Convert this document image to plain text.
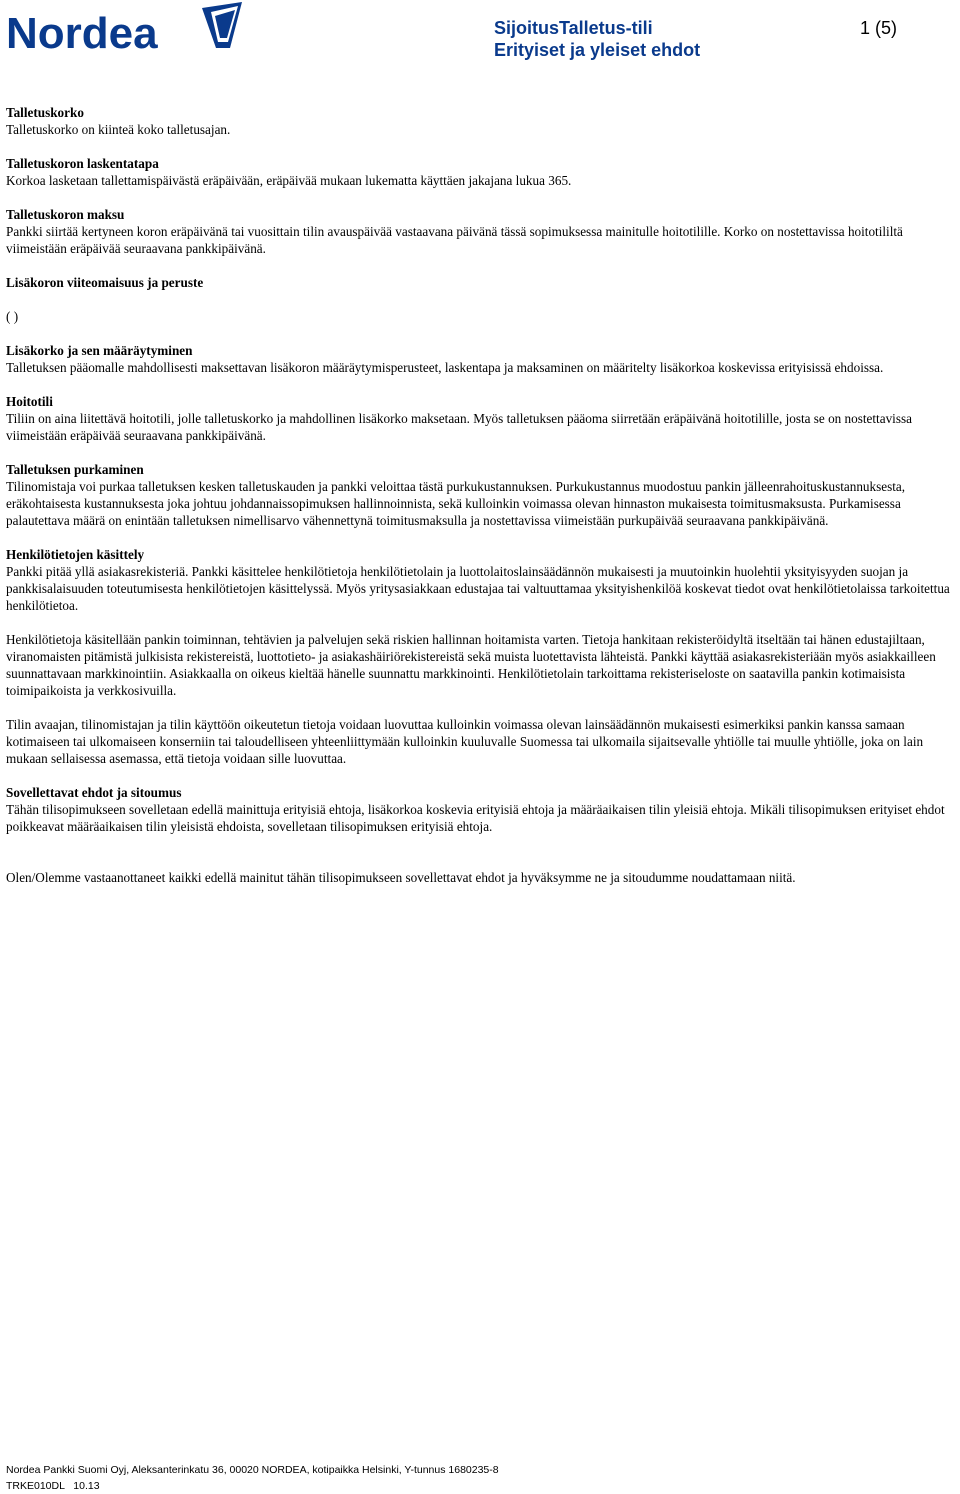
Nordea	SijoitusTalletus-tili
Erityiset ja yleiset ehdot
1 (5)
Talletuskorko

Talletuskorko on kiinteä koko talletusajan.

Talletuskoron laskentatapa

Korkoa lasketaan tallettamispäivästä eräpäivään, eräpäivää mukaan lukematta käyttäen jakajana lukua 365.

Talletuskoron maksu

Pankki siirtää kertyneen koron eräpäivänä tai vuosittain tilin avauspäivää vastaavana päivänä tässä sopimuksessa mainitulle hoitotilille. Korko on nostettavissa hoitotililtä viimeistään eräpäivää seuraavana pankkipäivänä.

Lisäkoron viiteomaisuus ja peruste

( )

Lisäkorko ja sen määräytyminen

Talletuksen pääomalle mahdollisesti maksettavan lisäkoron määräytymisperusteet, laskentapa ja maksaminen on määritelty lisäkorkoa koskevissa erityisissä ehdoissa.

Hoitotili

Tiliin on aina liitettävä hoitotili, jolle talletuskorko ja mahdollinen lisäkorko maksetaan. Myös talletuksen pääoma siirretään eräpäivänä hoitotilille, josta se on nostettavissa viimeistään eräpäivää seuraavana pankkipäivänä.

Talletuksen purkaminen

Tilinomistaja voi purkaa talletuksen kesken talletuskauden ja pankki veloittaa tästä purkukustannuksen. Purkukustannus muodostuu pankin jälleenrahoituskustannuksesta, eräkohtaisesta kustannuksesta joka johtuu johdannaissopimuksen hallinnoinnista, sekä kulloinkin voimassa olevan hinnaston mukaisesta toimitusmaksusta. Purkamisessa palautettava määrä on enintään talletuksen nimellisarvo vähennettynä toimitusmaksulla ja nostettavissa viimeistään purkupäivää seuraavana pankkipäivänä.

Henkilötietojen käsittely

Pankki pitää yllä asiakasrekisteriä. Pankki käsittelee henkilötietoja henkilötietolain ja luottolaitoslainsäädännön mukaisesti ja muutoinkin huolehtii yksityisyyden suojan ja pankkisalaisuuden toteutumisesta henkilötietojen käsittelyssä. Myös yritysasiakkaan edustajaa tai valtuuttamaa yksityishenkilöä koskevat tiedot ovat henkilötietolaissa tarkoitettua henkilötietoa.

Henkilötietoja käsitellään pankin toiminnan, tehtävien ja palvelujen sekä riskien hallinnan hoitamista varten. Tietoja hankitaan rekisteröidyltä itseltään tai hänen edustajiltaan, viranomaisten pitämistä julkisista rekistereistä, luottotieto- ja asiakashäiriörekistereistä sekä muista luotettavista lähteistä. Pankki käyttää asiakasrekisteriään myös asiakkailleen suunnattavaan markkinointiin. Asiakkaalla on oikeus kieltää hänelle suunnattu markkinointi. Henkilötietolain tarkoittama rekisteriseloste on saatavilla pankin kotimaisista toimipaikoista ja verkkosivuilla.

Tilin avaajan, tilinomistajan ja tilin käyttöön oikeutetun tietoja voidaan luovuttaa kulloinkin voimassa olevan lainsäädännön mukaisesti esimerkiksi pankin kanssa samaan kotimaiseen tai ulkomaiseen konserniin tai taloudelliseen yhteenliittymään kulloinkin kuuluvalle Suomessa tai ulkomaila sijaitsevalle yhtiölle tai muulle yhtiölle, joka on lain mukaan sellaisessa asemassa, että tietoja voidaan sille luovuttaa.

Sovellettavat ehdot ja sitoumus

Tähän tilisopimukseen sovelletaan edellä mainittuja erityisiä ehtoja, lisäkorkoa koskevia erityisiä ehtoja ja määräaikaisen tilin yleisiä ehtoja. Mikäli tilisopimuksen erityiset ehdot poikkeavat määräaikaisen tilin yleisistä ehdoista, sovelletaan tilisopimuksen erityisiä ehtoja.

Olen/Olemme vastaanottaneet kaikki edellä mainitut tähän tilisopimukseen sovellettavat ehdot ja hyväksymme ne ja sitoudumme noudattamaan niitä.

Nordea Pankki Suomi Oyj, Aleksanterinkatu 36, 00020 NORDEA, kotipaikka Helsinki, Y-tunnus 1680235-8
TRKE010DL   10.13
